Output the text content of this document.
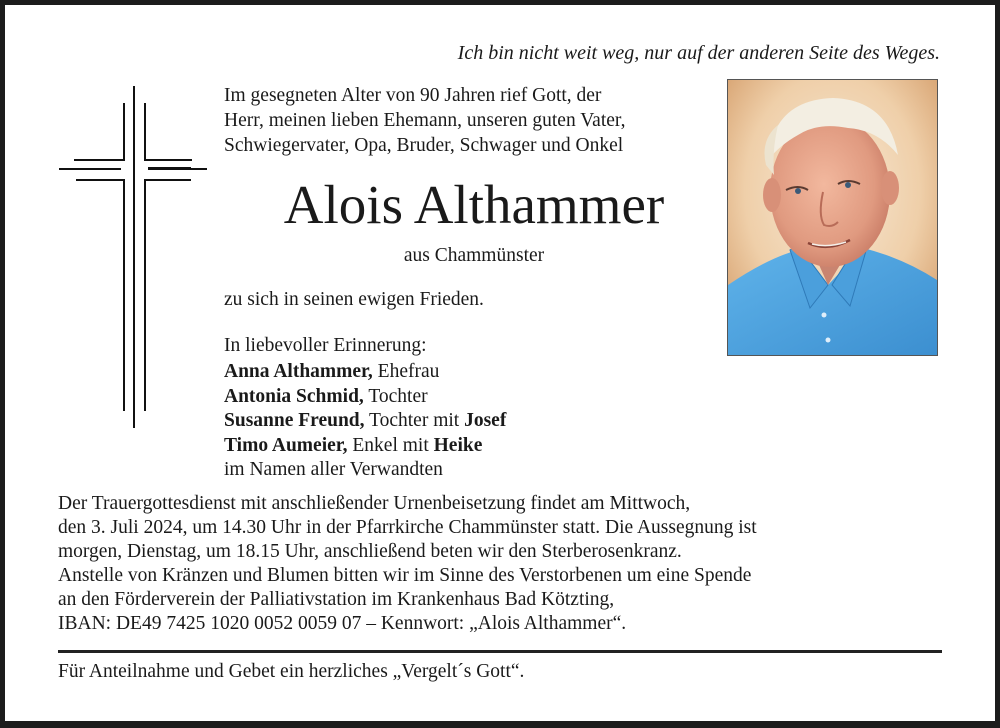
Ich bin nicht weit weg, nur auf der anderen Seite des Weges.
Im gesegneten Alter von 90 Jahren rief Gott, der
Herr, meinen lieben Ehemann, unseren guten Vater,
Schwiegervater, Opa, Bruder, Schwager und Onkel
Alois Althammer
aus Chammünster
zu sich in seinen ewigen Frieden.
In liebevoller Erinnerung:
Anna Althammer, Ehefrau
Antonia Schmid, Tochter
Susanne Freund, Tochter mit Josef
Timo Aumeier, Enkel mit Heike
im Namen aller Verwandten
Der Trauergottesdienst mit anschließender Urnenbeisetzung findet am Mittwoch,
den 3. Juli 2024, um 14.30 Uhr in der Pfarrkirche Chammünster statt. Die Aussegnung ist
morgen, Dienstag, um 18.15 Uhr, anschließend beten wir den Sterberosenkranz.
Anstelle von Kränzen und Blumen bitten wir im Sinne des Verstorbenen um eine Spende
an den Förderverein der Palliativstation im Krankenhaus Bad Kötzting,
IBAN: DE49 7425 1020 0052 0059 07 – Kennwort: „Alois Althammer“.
Für Anteilnahme und Gebet ein herzliches „Vergelt´s Gott“.
